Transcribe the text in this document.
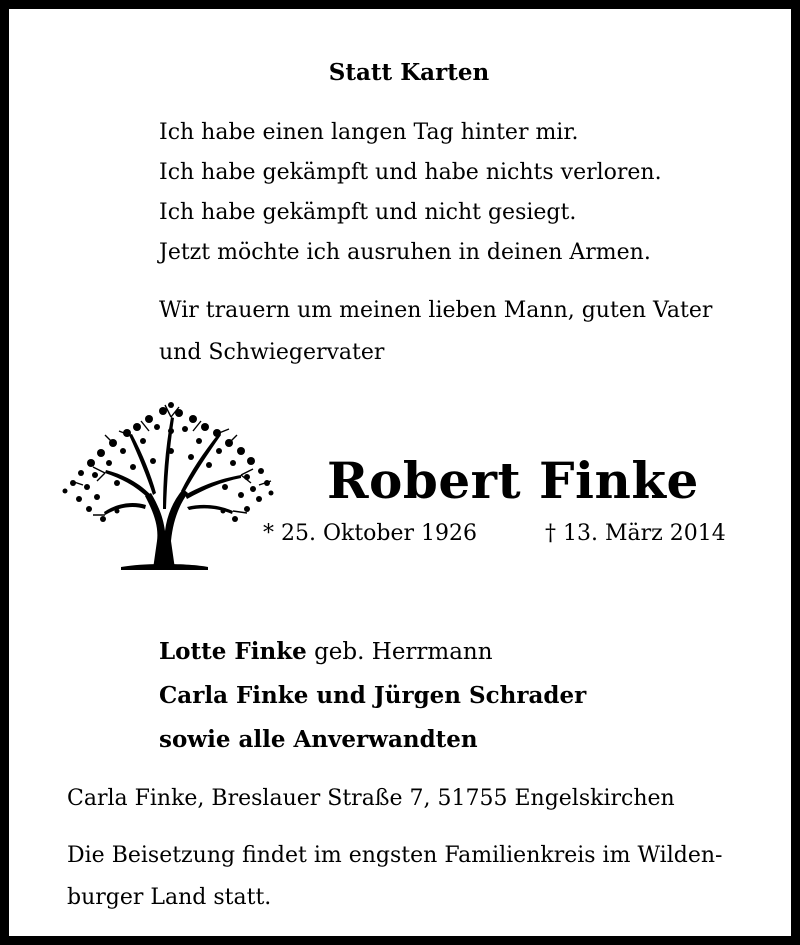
Statt Karten
Ich habe einen langen Tag hinter mir.
Ich habe gekämpft und habe nichts verloren.
Ich habe gekämpft und nicht gesiegt.
Jetzt möchte ich ausruhen in deinen Armen.
Wir trauern um meinen lieben Mann, guten Vater
und Schwiegervater
Robert Finke
* 25. Oktober 1926	† 13. März 2014
Lotte Finke geb. Herrmann
Carla Finke und Jürgen Schrader
sowie alle Anverwandten
Carla Finke, Breslauer Straße 7, 51755 Engelskirchen
Die Beisetzung findet im engsten Familienkreis im Wilden-
burger Land statt.
